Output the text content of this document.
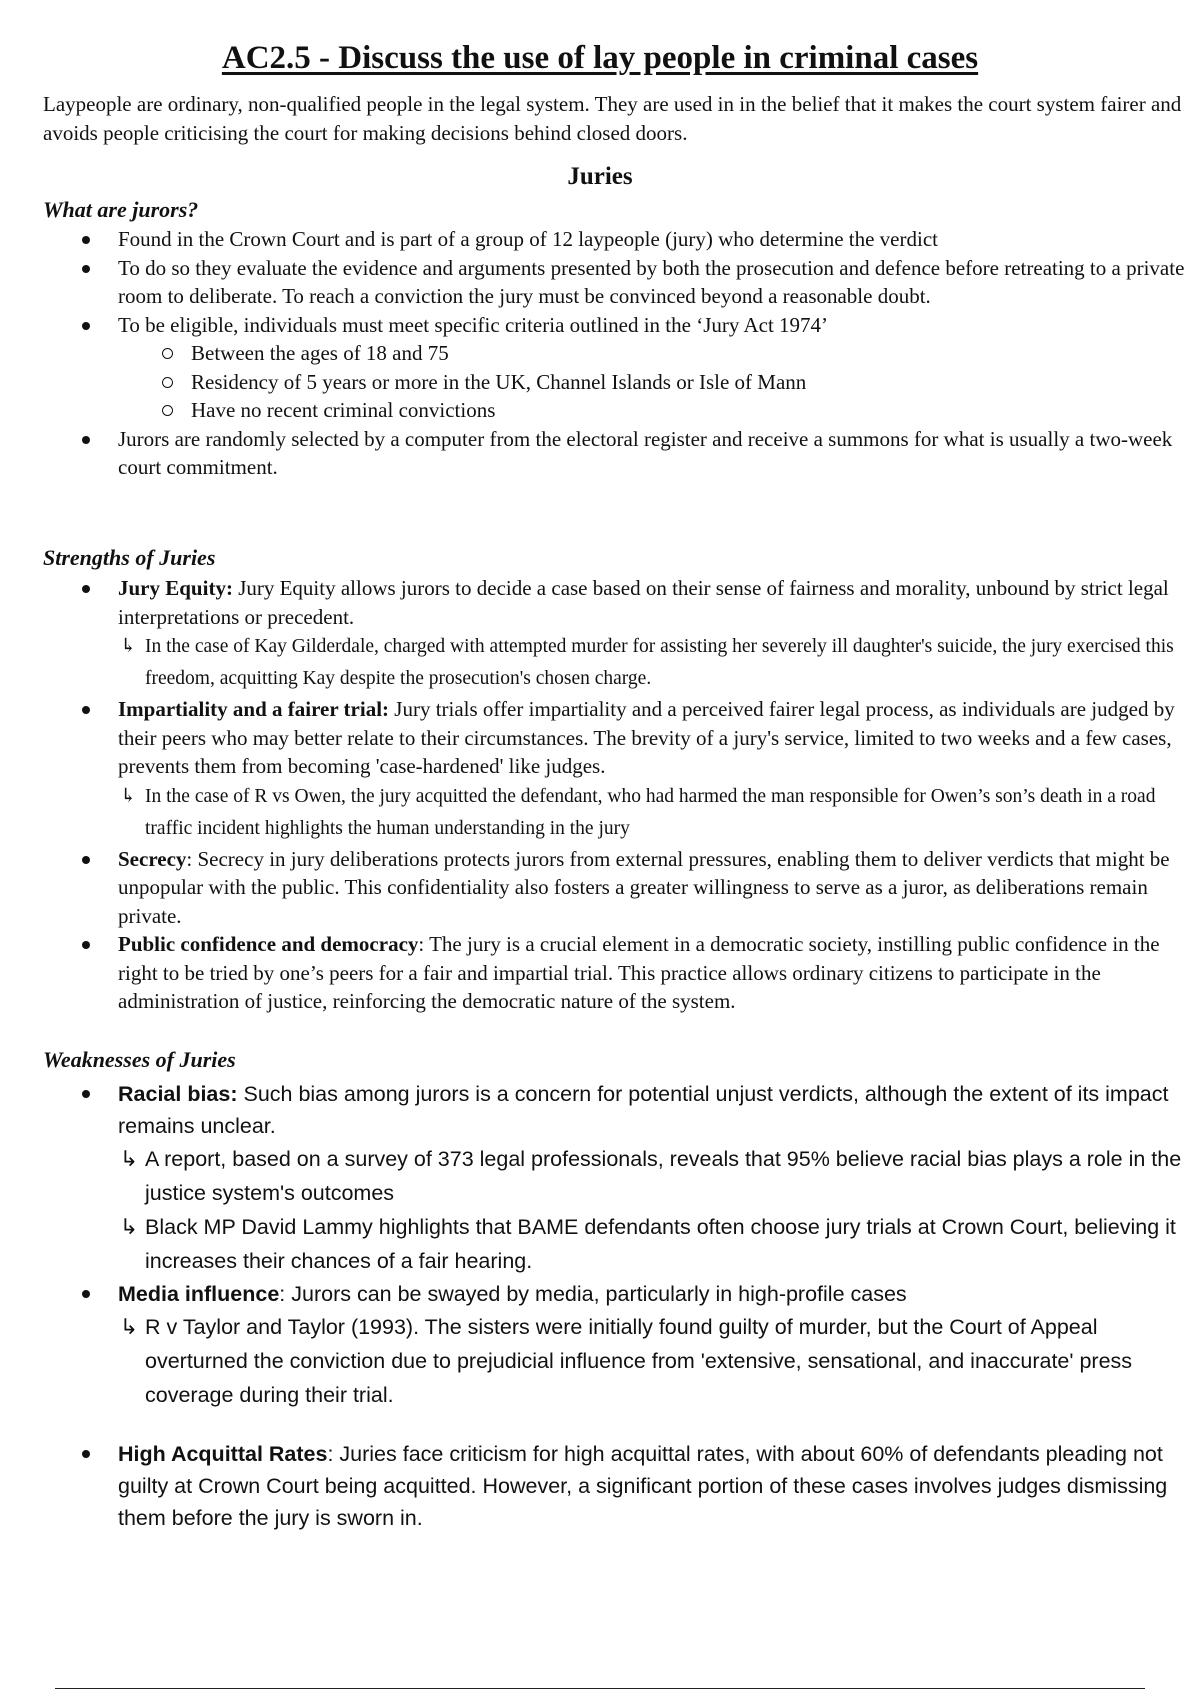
AC2.5 - Discuss the use of lay people in criminal cases
Laypeople are ordinary, non-qualified people in the legal system. They are used in in the belief that it makes the court system fairer and avoids people criticising the court for making decisions behind closed doors.
Juries
What are jurors?
Found in the Crown Court and is part of a group of 12 laypeople (jury) who determine the verdict
To do so they evaluate the evidence and arguments presented by both the prosecution and defence before retreating to a private room to deliberate. To reach a conviction the jury must be convinced beyond a reasonable doubt.
To be eligible, individuals must meet specific criteria outlined in the ‘Jury Act 1974’
Between the ages of 18 and 75
Residency of 5 years or more in the UK, Channel Islands or Isle of Mann
Have no recent criminal convictions
Jurors are randomly selected by a computer from the electoral register and receive a summons for what is usually a two-week court commitment.
Strengths of Juries
Jury Equity: Jury Equity allows jurors to decide a case based on their sense of fairness and morality, unbound by strict legal interpretations or precedent.
↳ In the case of Kay Gilderdale, charged with attempted murder for assisting her severely ill daughter's suicide, the jury exercised this freedom, acquitting Kay despite the prosecution's chosen charge.
Impartiality and a fairer trial: Jury trials offer impartiality and a perceived fairer legal process, as individuals are judged by their peers who may better relate to their circumstances. The brevity of a jury's service, limited to two weeks and a few cases, prevents them from becoming 'case-hardened' like judges.
↳ In the case of R vs Owen, the jury acquitted the defendant, who had harmed the man responsible for Owen’s son’s death in a road traffic incident highlights the human understanding in the jury
Secrecy: Secrecy in jury deliberations protects jurors from external pressures, enabling them to deliver verdicts that might be unpopular with the public. This confidentiality also fosters a greater willingness to serve as a juror, as deliberations remain private.
Public confidence and democracy: The jury is a crucial element in a democratic society, instilling public confidence in the right to be tried by one’s peers for a fair and impartial trial. This practice allows ordinary citizens to participate in the administration of justice, reinforcing the democratic nature of the system.
Weaknesses of Juries
Racial bias: Such bias among jurors is a concern for potential unjust verdicts, although the extent of its impact remains unclear.
↳ A report, based on a survey of 373 legal professionals, reveals that 95% believe racial bias plays a role in the justice system's outcomes
↳ Black MP David Lammy highlights that BAME defendants often choose jury trials at Crown Court, believing it increases their chances of a fair hearing.
Media influence: Jurors can be swayed by media, particularly in high-profile cases
↳ R v Taylor and Taylor (1993). The sisters were initially found guilty of murder, but the Court of Appeal overturned the conviction due to prejudicial influence from 'extensive, sensational, and inaccurate' press coverage during their trial.
High Acquittal Rates: Juries face criticism for high acquittal rates, with about 60% of defendants pleading not guilty at Crown Court being acquitted. However, a significant portion of these cases involves judges dismissing them before the jury is sworn in.
